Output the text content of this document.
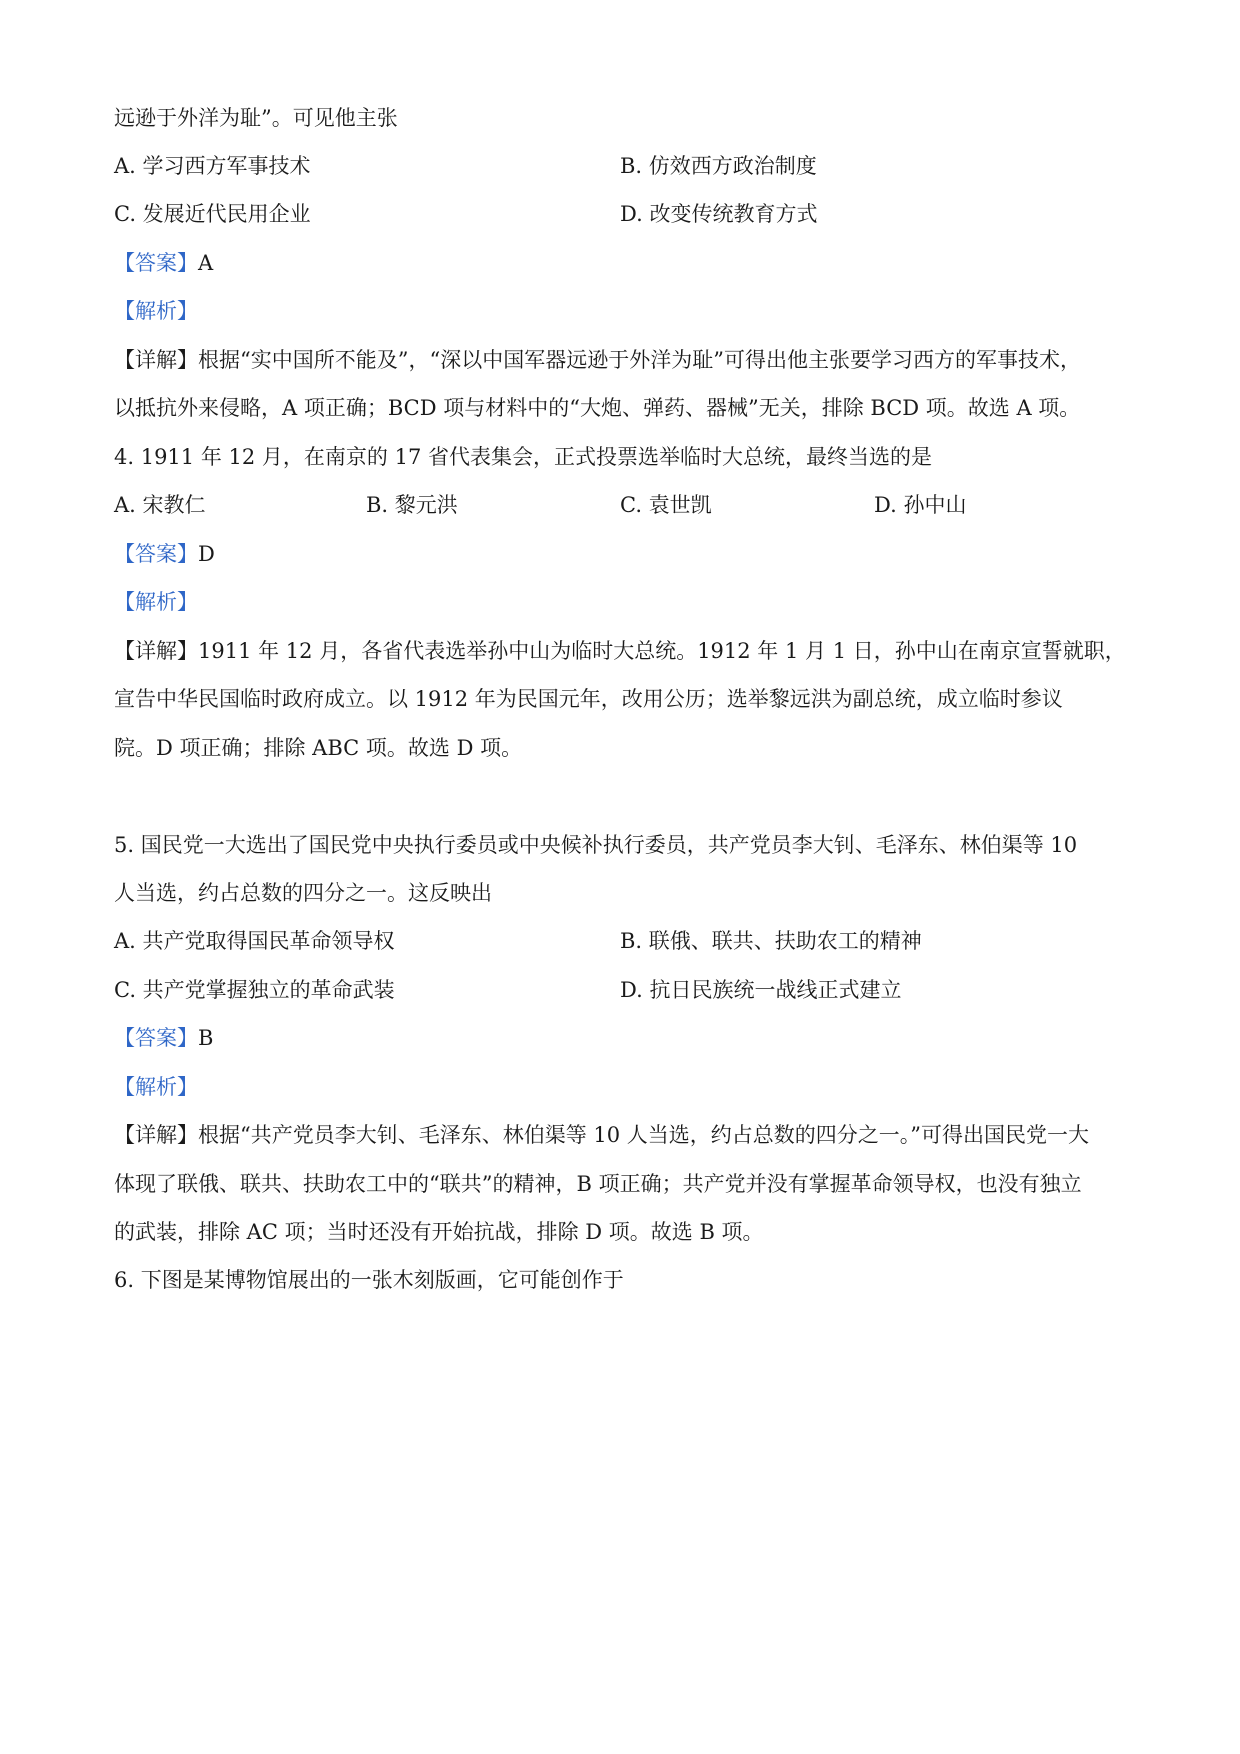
远逊于外洋为耻”。可见他主张
A. 学习西方军事技术	B. 仿效西方政治制度
C. 发展近代民用企业	D. 改变传统教育方式
【答案】A
【解析】
【详解】根据“实中国所不能及”，“深以中国军器远逊于外洋为耻”可得出他主张要学习西方的军事技术，
以抵抗外来侵略，A 项正确；BCD 项与材料中的“大炮、弹药、器械”无关，排除 BCD 项。故选 A 项。
4. 1911 年 12 月，在南京的 17 省代表集会，正式投票选举临时大总统，最终当选的是
A. 宋教仁	B. 黎元洪	C. 袁世凯	D. 孙中山
【答案】D
【解析】
【详解】1911 年 12 月，各省代表选举孙中山为临时大总统。1912 年 1 月 1 日，孙中山在南京宣誓就职，
宣告中华民国临时政府成立。以 1912 年为民国元年，改用公历；选举黎远洪为副总统，成立临时参议
院。D 项正确；排除 ABC 项。故选 D 项。
5. 国民党一大选出了国民党中央执行委员或中央候补执行委员，共产党员李大钊、毛泽东、林伯渠等 10
人当选，约占总数的四分之一。这反映出
A. 共产党取得国民革命领导权	B. 联俄、联共、扶助农工的精神
C. 共产党掌握独立的革命武装	D. 抗日民族统一战线正式建立
【答案】B
【解析】
【详解】根据“共产党员李大钊、毛泽东、林伯渠等 10 人当选，约占总数的四分之一。”可得出国民党一大
体现了联俄、联共、扶助农工中的“联共”的精神，B 项正确；共产党并没有掌握革命领导权，也没有独立
的武装，排除 AC 项；当时还没有开始抗战，排除 D 项。故选 B 项。
6. 下图是某博物馆展出的一张木刻版画，它可能创作于
